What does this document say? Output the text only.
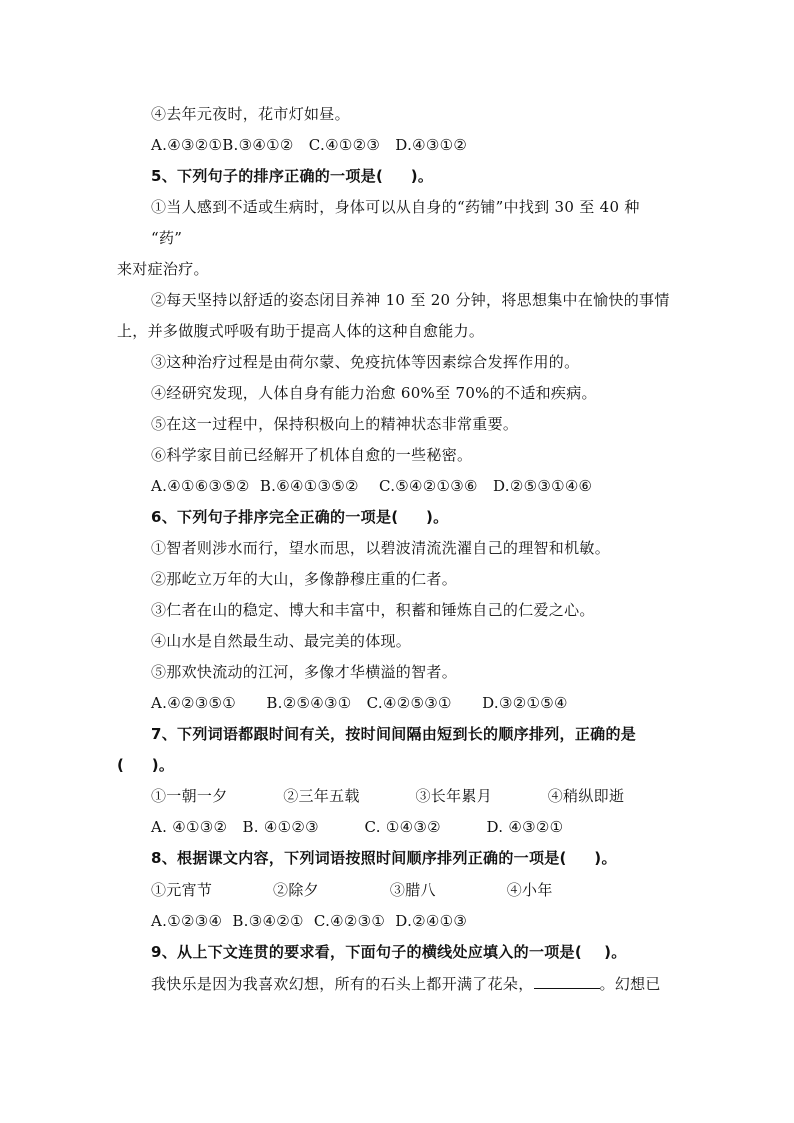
④去年元夜时，花市灯如昼。
A.④③②①B.③④①②   C.④①②③   D.④③①②
5、下列句子的排序正确的一项是(     )。
①当人感到不适或生病时，身体可以从自身的“药铺”中找到 30 至 40 种
“药”
来对症治疗。
②每天坚持以舒适的姿态闭目养神 10 至 20 分钟，将思想集中在愉快的事情
上，并多做腹式呼吸有助于提高人体的这种自愈能力。
③这种治疗过程是由荷尔蒙、免疫抗体等因素综合发挥作用的。
④经研究发现，人体自身有能力治愈 60%至 70%的不适和疾病。
⑤在这一过程中，保持积极向上的精神状态非常重要。
⑥科学家目前已经解开了机体自愈的一些秘密。
A.④①⑥③⑤②  B.⑥④①③⑤②    C.⑤④②①③⑥   D.②⑤③①④⑥
6、下列句子排序完全正确的一项是(     )。
①智者则涉水而行，望水而思，以碧波清流洗濯自己的理智和机敏。
②那屹立万年的大山，多像静穆庄重的仁者。
③仁者在山的稳定、博大和丰富中，积蓄和锤炼自己的仁爱之心。
④山水是自然最生动、最完美的体现。
⑤那欢快流动的江河，多像才华横溢的智者。
A.④②③⑤①      B.②⑤④③①   C.④②⑤③①      D.③②①⑤④
7、下列词语都跟时间有关，按时间间隔由短到长的顺序排列，正确的是
(     )。
①一朝一夕           ②三年五载           ③长年累月           ④稍纵即逝
A. ④①③②   B. ④①②③         C. ①④③②         D. ④③②①
8、根据课文内容，下列词语按照时间顺序排列正确的一项是(     )。
①元宵节            ②除夕              ③腊八              ④小年
A.①②③④  B.③④②①  C.④②③①  D.②④①③
9、从上下文连贯的要求看，下面句子的横线处应填入的一项是(    )。
我快乐是因为我喜欢幻想，所有的石头上都开满了花朵，	。幻想已
